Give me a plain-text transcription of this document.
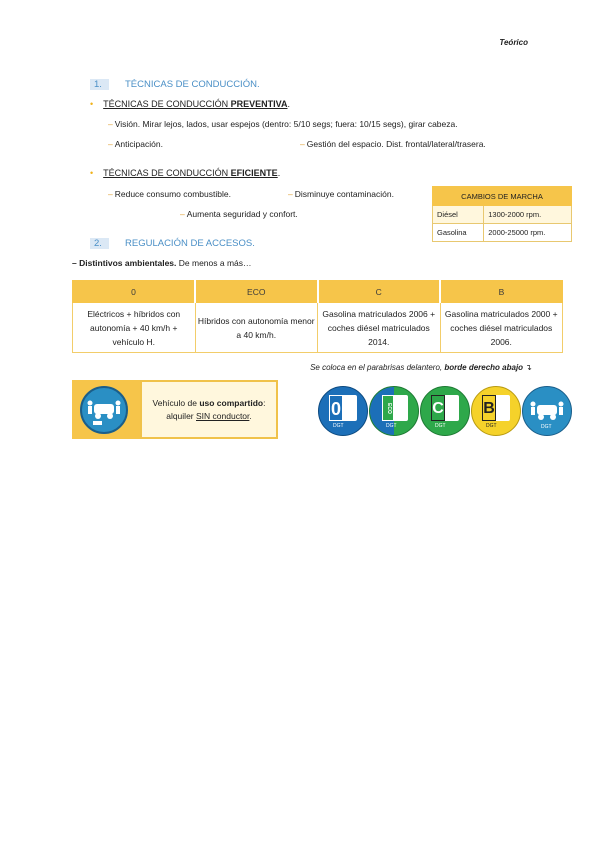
Teórico
1. TÉCNICAS DE CONDUCCIÓN.
• TÉCNICAS DE CONDUCCIÓN PREVENTIVA.
– Visión. Mirar lejos, lados, usar espejos (dentro: 5/10 segs; fuera: 10/15 segs), girar cabeza.
– Anticipación.	– Gestión del espacio. Dist. frontal/lateral/trasera.
• TÉCNICAS DE CONDUCCIÓN EFICIENTE.
– Reduce consumo combustible.	– Disminuye contaminación.
– Aumenta seguridad y confort.
CAMBIOS DE MARCHA	
Diésel	1300-2000 rpm.
Gasolina	2000-25000 rpm.
2. REGULACIÓN DE ACCESOS.
– Distintivos ambientales. De menos a más…
0	ECO	C	B
Eléctricos + híbridos con autonomía + 40 km/h + vehículo H.	Híbridos con autonomía menor a 40 km/h.	Gasolina matriculados 2006 + coches diésel matriculados 2014.	Gasolina matriculados 2000 + coches diésel matriculados 2006.
Se coloca en el parabrisas delantero, borde derecho abajo ↴
Vehículo de uso compartido: alquiler SIN conductor.	0
DGT
ECO
DGT
C
DGT
B
DGT	DGT
